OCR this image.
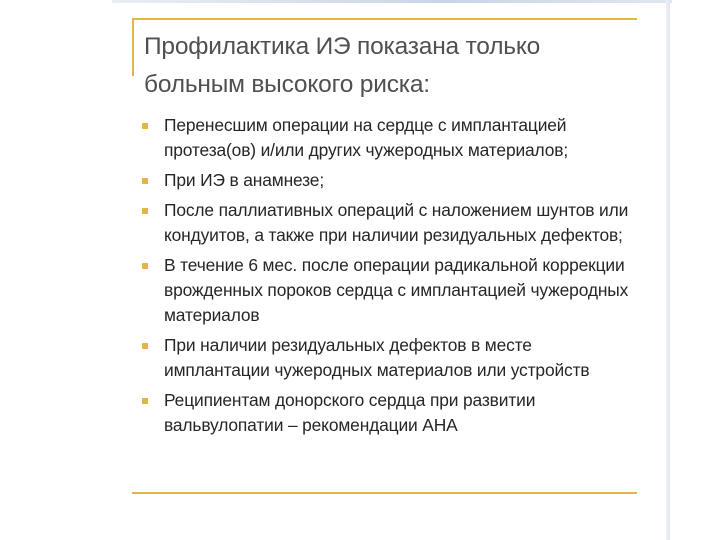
Профилактика ИЭ показана только больным высокого риска:
Перенесшим операции на сердце с имплантацией протеза(ов) и/или других чужеродных материалов;
При ИЭ в анамнезе;
После паллиативных операций с наложением шунтов или кондуитов, а также при наличии резидуальных дефектов;
В течение 6 мес. после операции радикальной коррекции врожденных пороков сердца с имплантацией чужеродных материалов
При наличии резидуальных дефектов в месте имплантации чужеродных материалов или устройств
Реципиентам донорского сердца при развитии вальвулопатии – рекомендации АНА
